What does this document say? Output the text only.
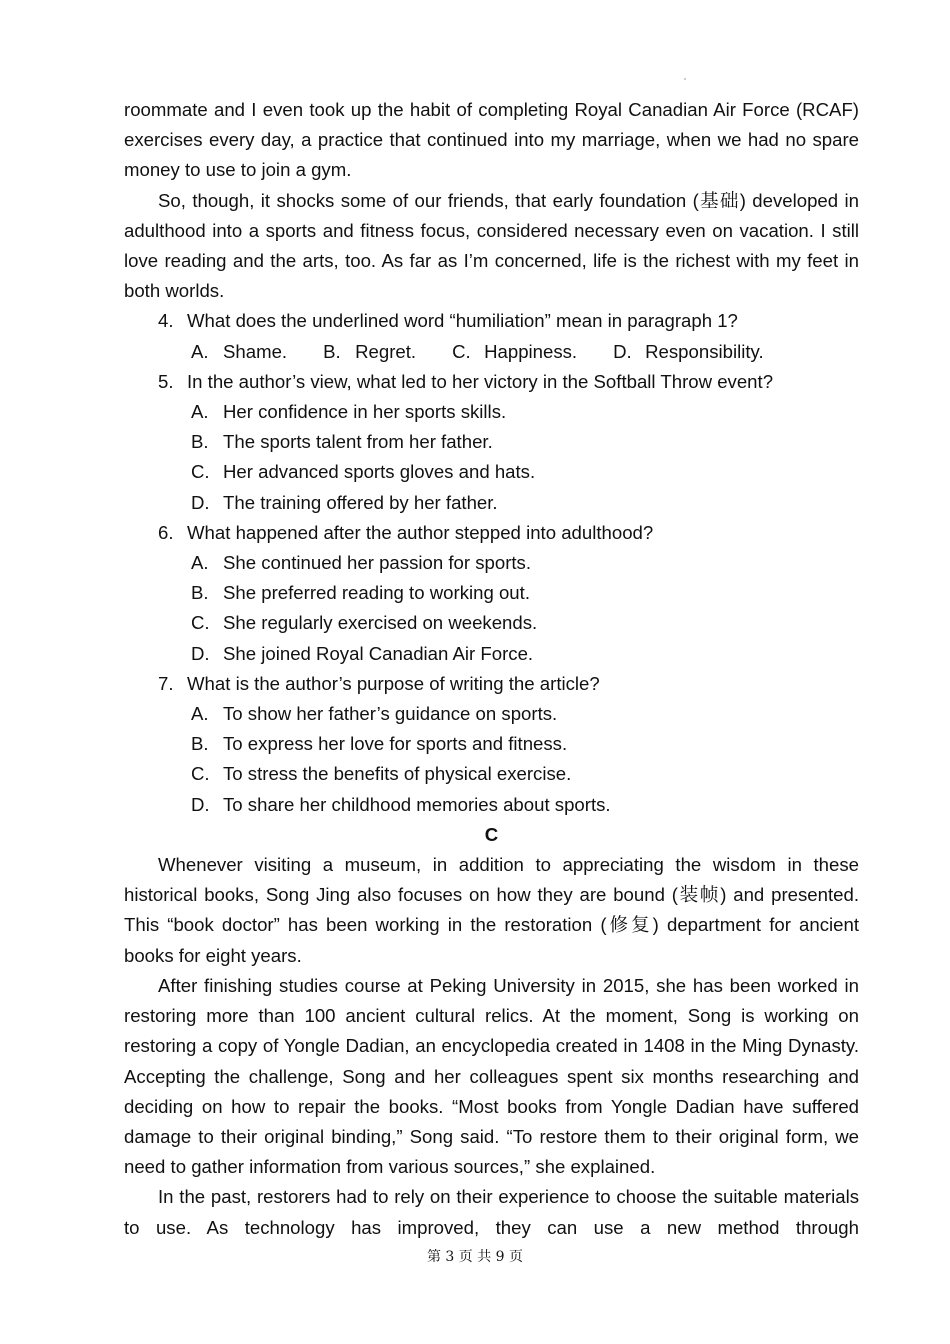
roommate and I even took up the habit of completing Royal Canadian Air Force (RCAF) exercises every day, a practice that continued into my marriage, when we had no spare money to use to join a gym.

So, though, it shocks some of our friends, that early foundation (基础) developed in adulthood into a sports and fitness focus, considered necessary even on vacation. I still love reading and the arts, too. As far as I’m concerned, life is the richest with my feet in both worlds.

4. What does the underlined word “humiliation” mean in paragraph 1?

A. Shame. B. Regret. C. Happiness. D. Responsibility.

5. In the author’s view, what led to her victory in the Softball Throw event?

A. Her confidence in her sports skills.

B. The sports talent from her father.

C. Her advanced sports gloves and hats.

D. The training offered by her father.

6. What happened after the author stepped into adulthood?

A. She continued her passion for sports.

B. She preferred reading to working out.

C. She regularly exercised on weekends.

D. She joined Royal Canadian Air Force.

7. What is the author’s purpose of writing the article?

A. To show her father’s guidance on sports.

B. To express her love for sports and fitness.

C. To stress the benefits of physical exercise.

D. To share her childhood memories about sports.

C

Whenever visiting a museum, in addition to appreciating the wisdom in these historical books, Song Jing also focuses on how they are bound (装帧) and presented. This “book doctor” has been working in the restoration (修复) department for ancient books for eight years.

After finishing studies course at Peking University in 2015, she has been worked in restoring more than 100 ancient cultural relics. At the moment, Song is working on restoring a copy of Yongle Dadian, an encyclopedia created in 1408 in the Ming Dynasty. Accepting the challenge, Song and her colleagues spent six months researching and deciding on how to repair the books. “Most books from Yongle Dadian have suffered damage to their original binding,” Song said. “To restore them to their original form, we need to gather information from various sources,” she explained.

In the past, restorers had to rely on their experience to choose the suitable materials to use. As technology has improved, they can use a new method through

第 3 页 共 9 页
